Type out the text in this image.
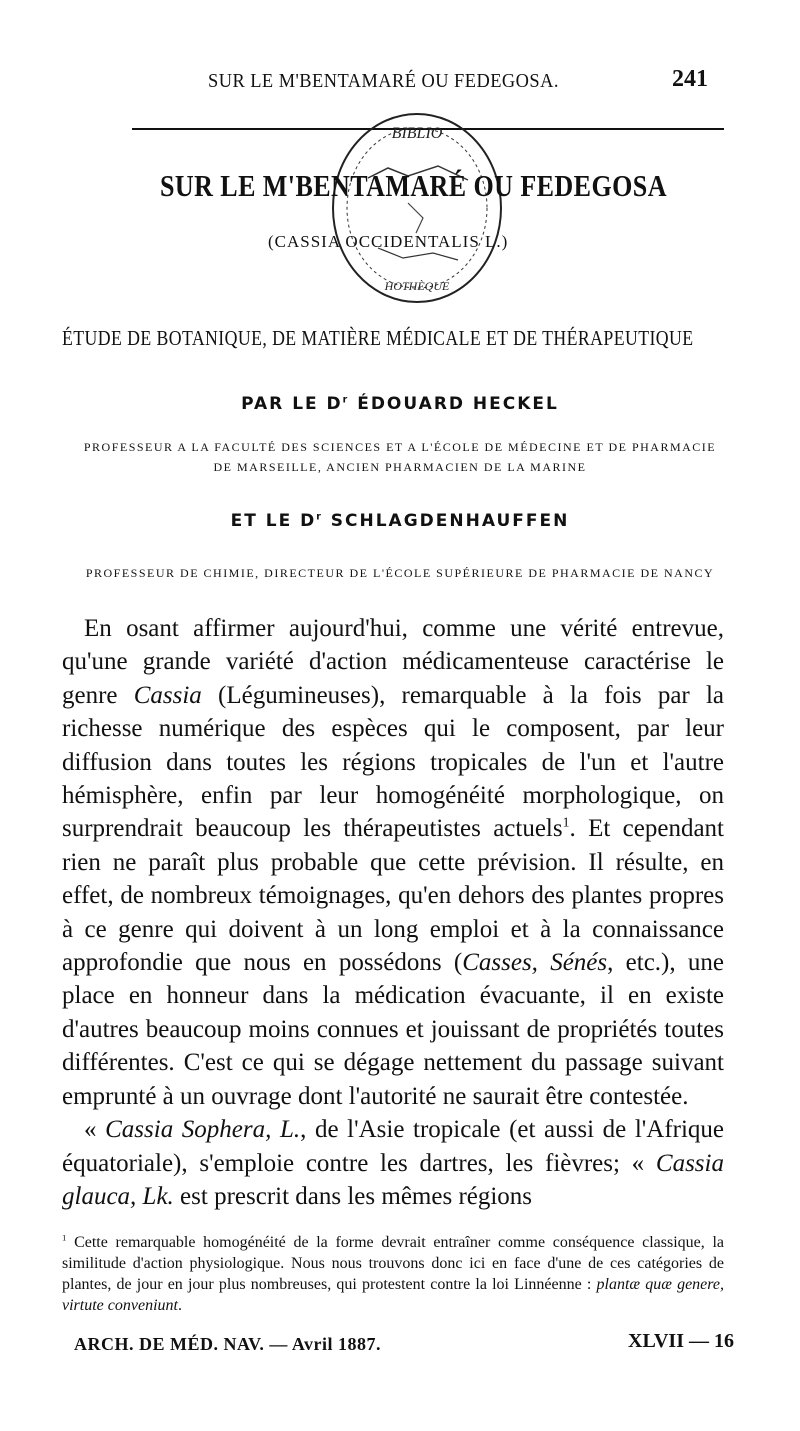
SUR LE M'BENTAMARÉ OU FEDEGOSA.	241
BIBLIO
HOTHÈQUE
SUR LE M'BENTAMARÉ OU FEDEGOSA
(CASSIA OCCIDENTALIS L.)
ÉTUDE DE BOTANIQUE, DE MATIÈRE MÉDICALE ET DE THÉRAPEUTIQUE
PAR LE $D^r$ ÉDOUARD HECKEL
PROFESSEUR A LA FACULTÉ DES SCIENCES ET A L'ÉCOLE DE MÉDECINE ET DE PHARMACIE
DE MARSEILLE, ANCIEN PHARMACIEN DE LA MARINE
ET LE $D^r$ SCHLAGDENHAUFFEN
PROFESSEUR DE CHIMIE, DIRECTEUR DE L'ÉCOLE SUPÉRIEURE DE PHARMACIE DE NANCY

En osant affirmer aujourd'hui, comme une vérité entrevue, qu'une grande variété d'action médicamenteuse caractérise le genre Cassia (Légumineuses), remarquable à la fois par la richesse numérique des espèces qui le composent, par leur diffusion dans toutes les régions tropicales de l'un et l'autre hémisphère, enfin par leur homogénéité morphologique, on surprendrait beaucoup les thérapeutistes actuels$^1$. Et cependant rien ne paraît plus probable que cette prévision. Il résulte, en effet, de nombreux témoignages, qu'en dehors des plantes propres à ce genre qui doivent à un long emploi et à la connaissance approfondie que nous en possédons (Casses, Sénés, etc.), une place en honneur dans la médication évacuante, il en existe d'autres beaucoup moins connues et jouissant de propriétés toutes différentes. C'est ce qui se dégage nettement du passage suivant emprunté à un ouvrage dont l'autorité ne saurait être contestée.

« Cassia Sophera, L., de l'Asie tropicale (et aussi de l'Afrique équatoriale), s'emploie contre les dartres, les fièvres; « Cassia glauca, Lk. est prescrit dans les mêmes régions

$^1$ Cette remarquable homogénéité de la forme devrait entraîner comme conséquence classique, la similitude d'action physiologique. Nous nous trouvons donc ici en face d'une de ces catégories de plantes, de jour en jour plus nombreuses, qui protestent contre la loi Linnéenne : plantæ quæ genere, virtute conveniunt.
ARCH. DE MÉD. NAV. — Avril 1887.	XLVII — 16
